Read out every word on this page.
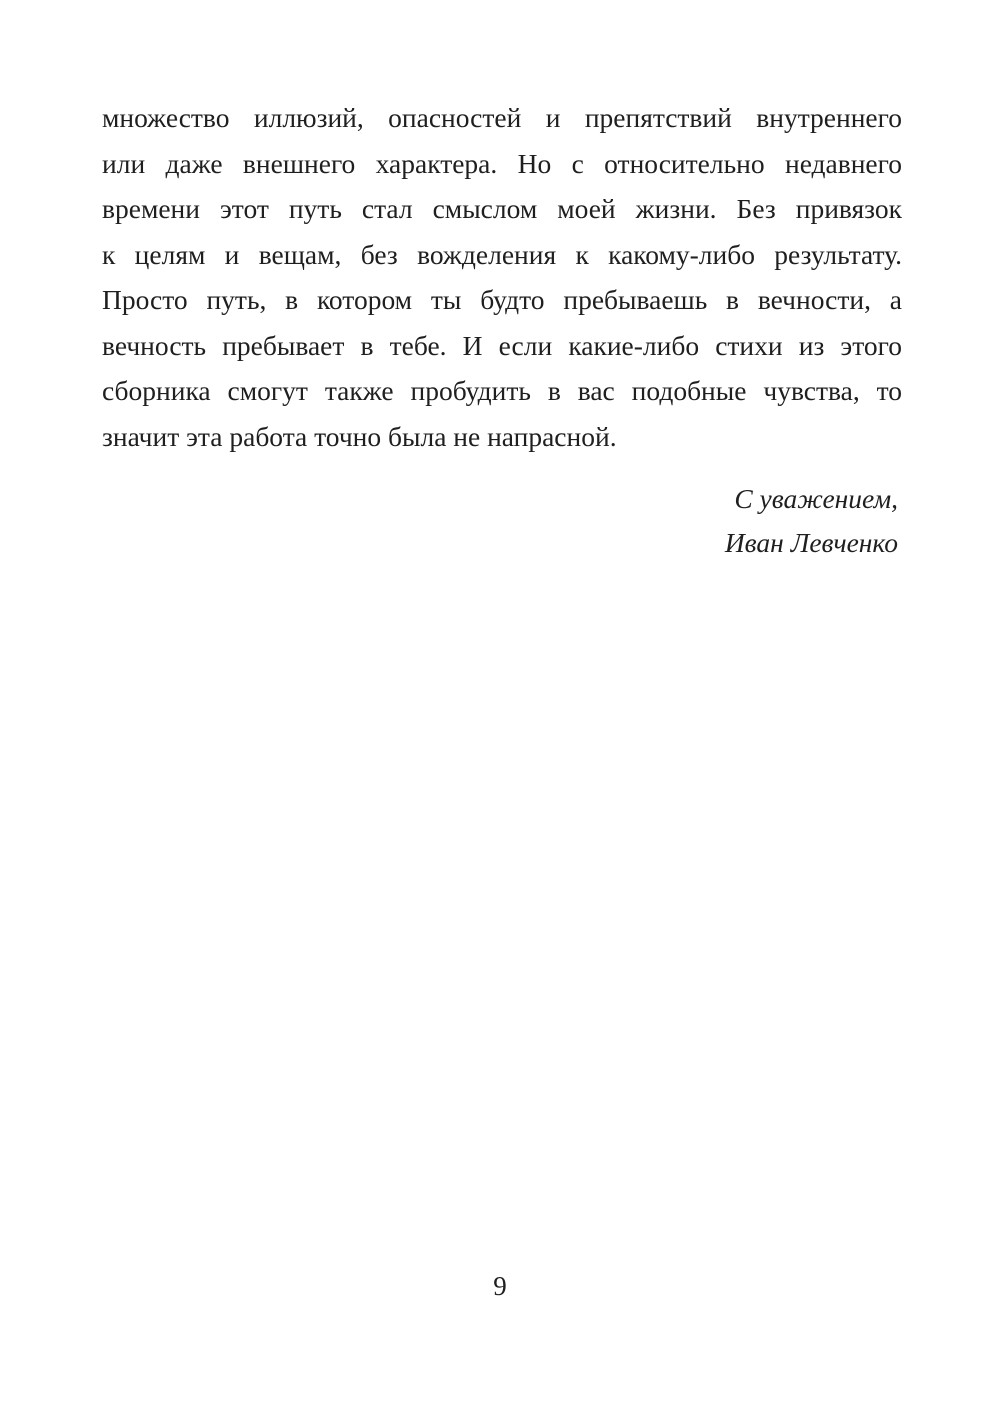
множество иллюзий, опасностей и препятствий внутреннего
или даже внешнего характера. Но с относительно недавнего
времени этот путь стал смыслом моей жизни. Без привязок
к целям и вещам, без вожделения к какому-либо результату.
Просто путь, в котором ты будто пребываешь в вечности, а
вечность пребывает в тебе. И если какие-либо стихи из этого
сборника смогут также пробудить в вас подобные чувства, то
значит эта работа точно была не напрасной.
С уважением,
Иван Левченко
9
